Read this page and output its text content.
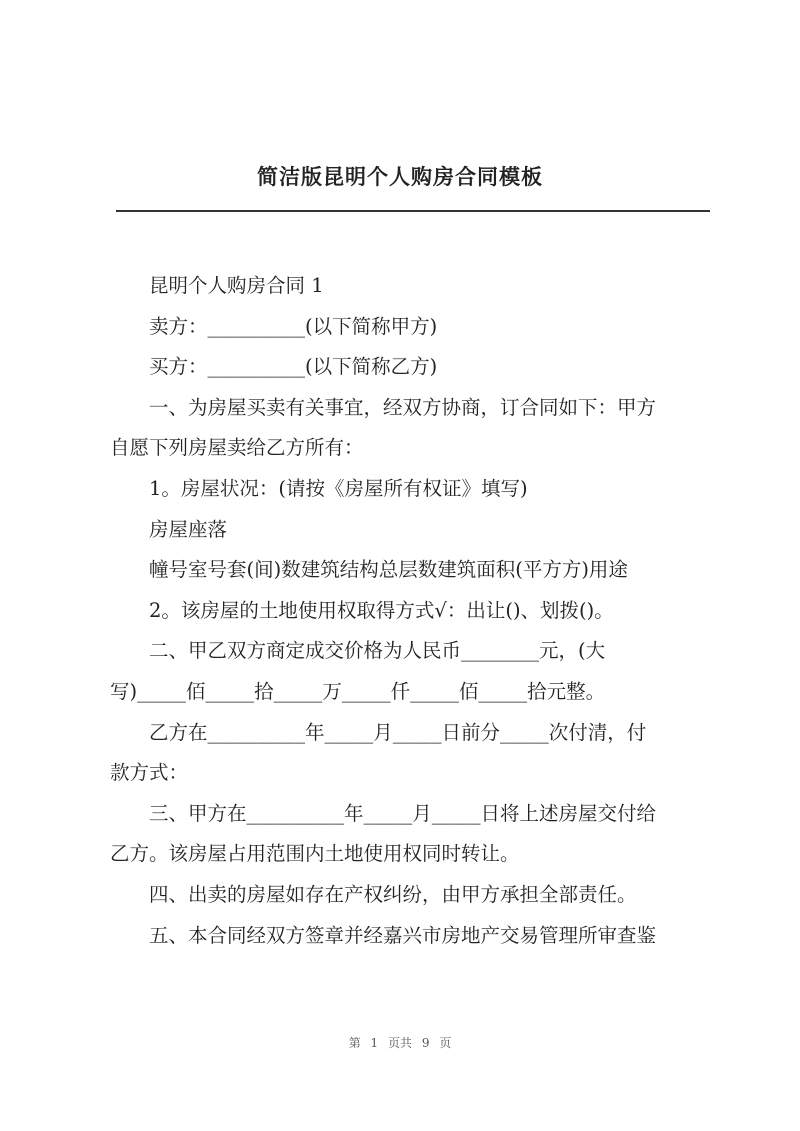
简洁版昆明个人购房合同模板
昆明个人购房合同 1
卖方：__________(以下简称甲方)
买方：__________(以下简称乙方)
一、为房屋买卖有关事宜，经双方协商，订合同如下：甲方
自愿下列房屋卖给乙方所有：
1。房屋状况：(请按《房屋所有权证》填写)
房屋座落
幢号室号套(间)数建筑结构总层数建筑面积(平方方)用途
2。该房屋的土地使用权取得方式√：出让()、划拨()。
二、甲乙双方商定成交价格为人民币________元，(大
写)_____佰_____拾_____万_____仟_____佰_____拾元整。
乙方在__________年_____月_____日前分_____次付清，付
款方式：
三、甲方在__________年_____月_____日将上述房屋交付给
乙方。该房屋占用范围内土地使用权同时转让。
四、出卖的房屋如存在产权纠纷，由甲方承担全部责任。
五、本合同经双方签章并经嘉兴市房地产交易管理所审查鉴
第 1 页共 9 页
